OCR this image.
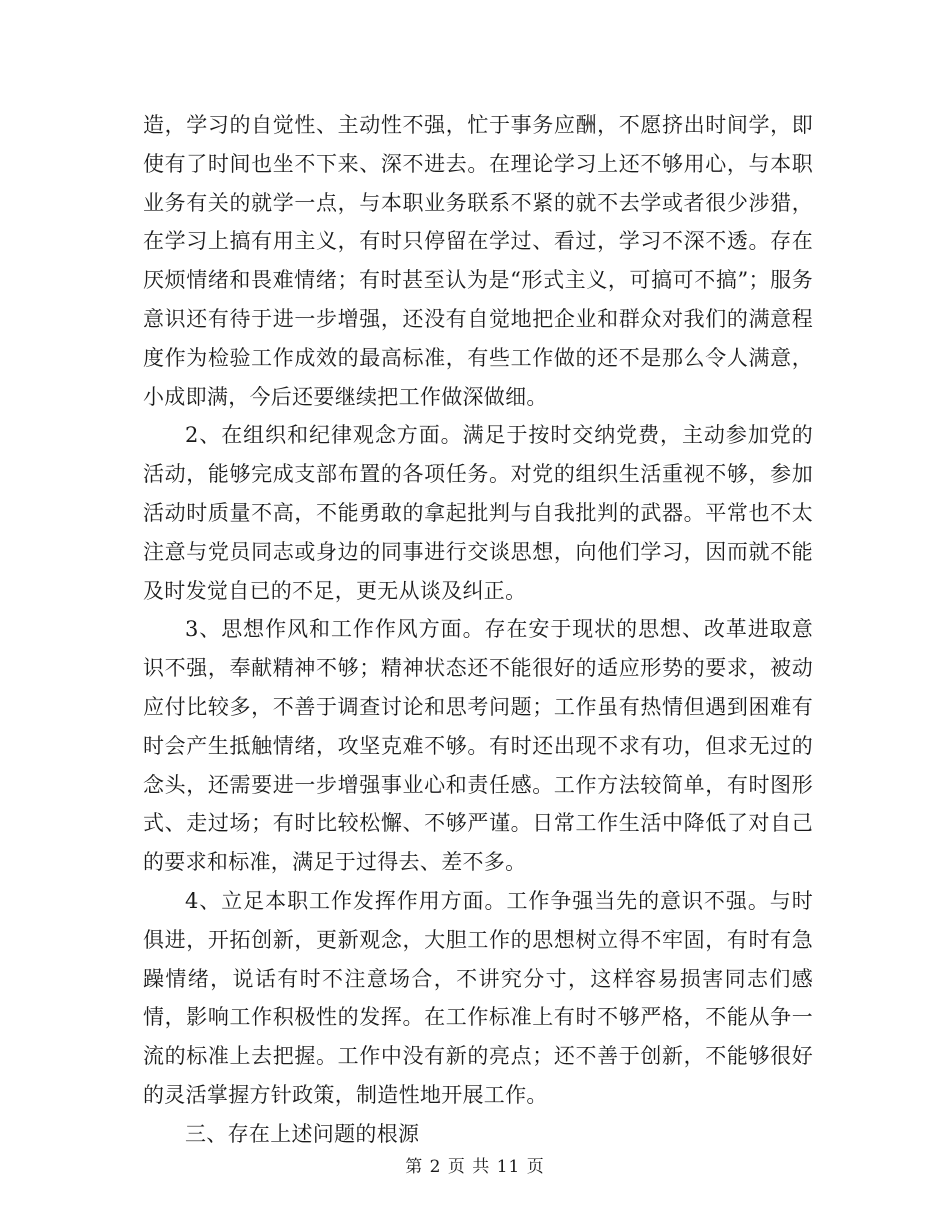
造，学习的自觉性、主动性不强，忙于事务应酬，不愿挤出时间学，即使有了时间也坐不下来、深不进去。在理论学习上还不够用心，与本职业务有关的就学一点，与本职业务联系不紧的就不去学或者很少涉猎，在学习上搞有用主义，有时只停留在学过、看过，学习不深不透。存在厌烦情绪和畏难情绪；有时甚至认为是“形式主义，可搞可不搞”；服务意识还有待于进一步增强，还没有自觉地把企业和群众对我们的满意程度作为检验工作成效的最高标准，有些工作做的还不是那么令人满意，小成即满，今后还要继续把工作做深做细。

2、在组织和纪律观念方面。满足于按时交纳党费，主动参加党的活动，能够完成支部布置的各项任务。对党的组织生活重视不够，参加活动时质量不高，不能勇敢的拿起批判与自我批判的武器。平常也不太注意与党员同志或身边的同事进行交谈思想，向他们学习，因而就不能及时发觉自已的不足，更无从谈及纠正。

3、思想作风和工作作风方面。存在安于现状的思想、改革进取意识不强，奉献精神不够；精神状态还不能很好的适应形势的要求，被动应付比较多，不善于调查讨论和思考问题；工作虽有热情但遇到困难有时会产生抵触情绪，攻坚克难不够。有时还出现不求有功，但求无过的念头，还需要进一步增强事业心和责任感。工作方法较简单，有时图形式、走过场；有时比较松懈、不够严谨。日常工作生活中降低了对自己的要求和标准，满足于过得去、差不多。

4、立足本职工作发挥作用方面。工作争强当先的意识不强。与时俱进，开拓创新，更新观念，大胆工作的思想树立得不牢固，有时有急躁情绪，说话有时不注意场合，不讲究分寸，这样容易损害同志们感情，影响工作积极性的发挥。在工作标准上有时不够严格，不能从争一流的标准上去把握。工作中没有新的亮点；还不善于创新，不能够很好的灵活掌握方针政策，制造性地开展工作。

三、存在上述问题的根源

第 2 页 共 11 页
